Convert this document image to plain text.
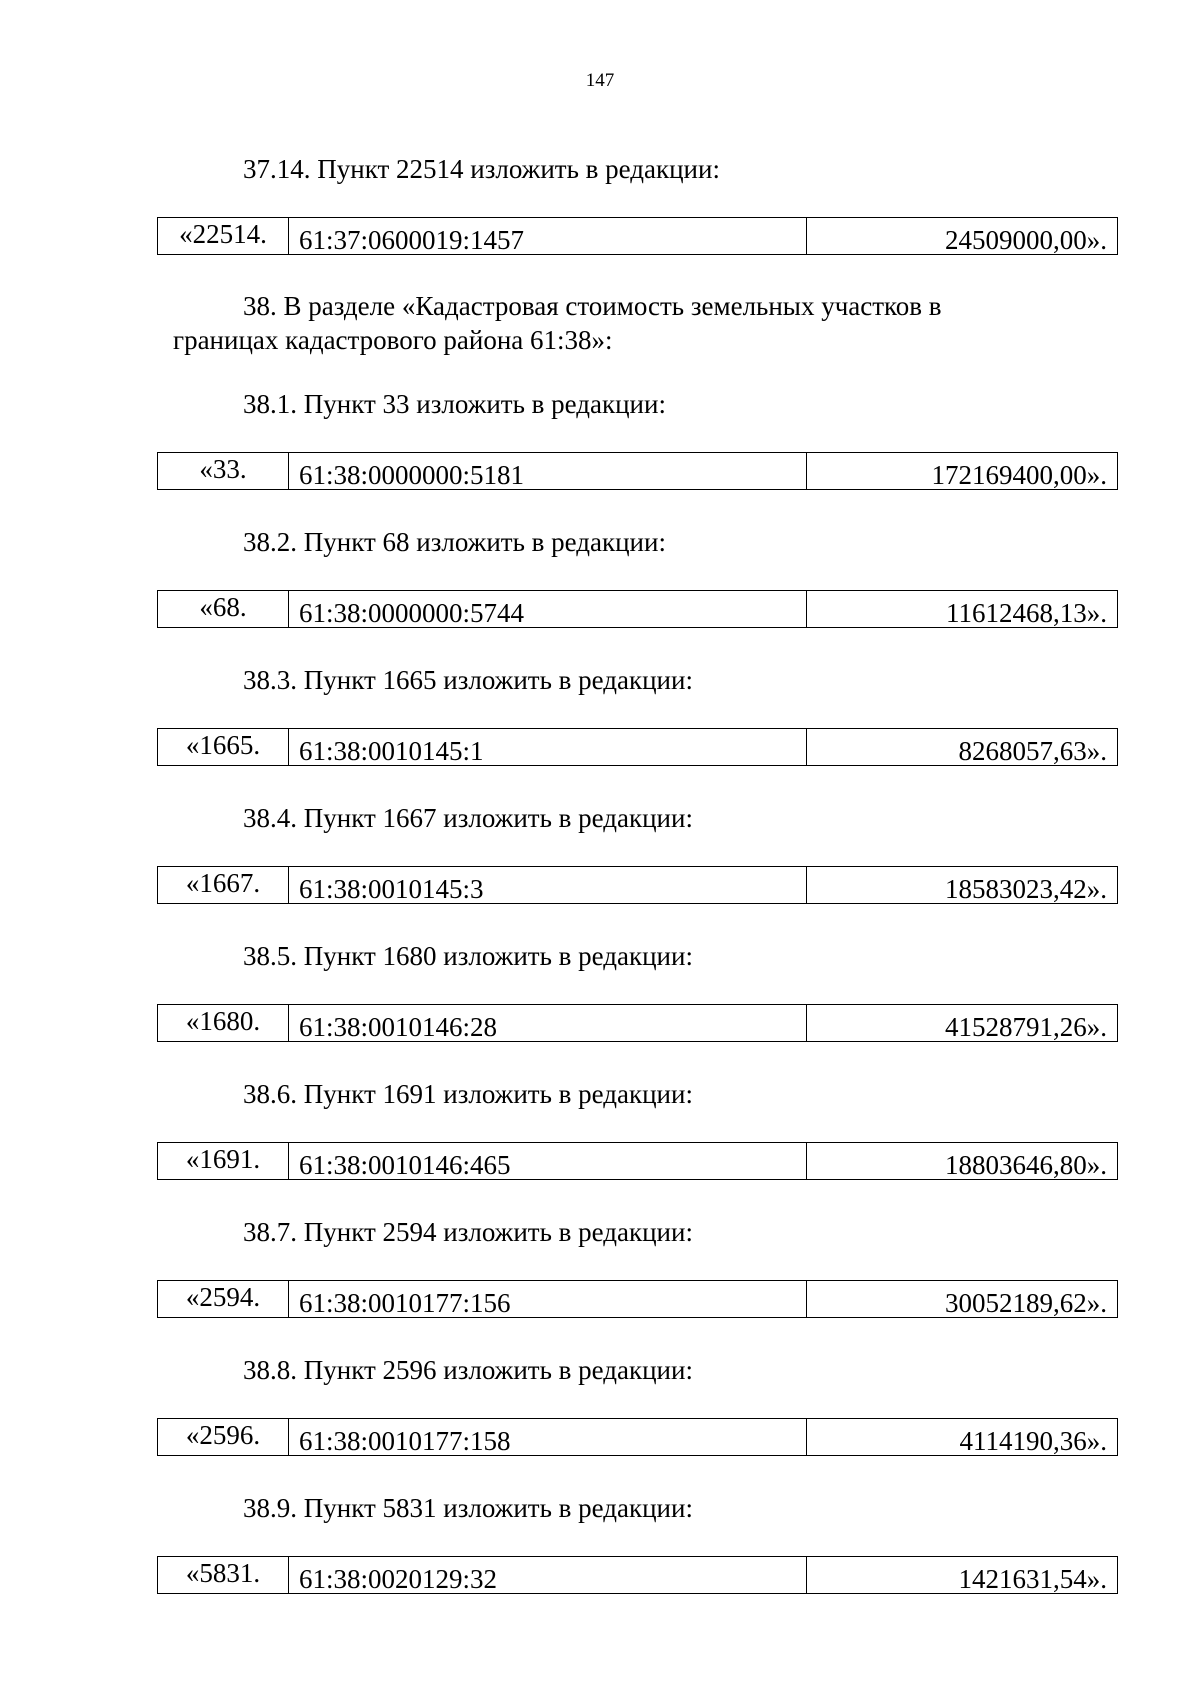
147
37.14. Пункт 22514 изложить в редакции:
«22514.	61:37:0600019:1457	24509000,00».
38. В разделе «Кадастровая стоимость земельных участков в
границах кадастрового района 61:38»:
38.1. Пункт 33 изложить в редакции:
«33.	61:38:0000000:5181	172169400,00».
38.2. Пункт 68 изложить в редакции:
«68.	61:38:0000000:5744	11612468,13».
38.3. Пункт 1665 изложить в редакции:
«1665.	61:38:0010145:1	8268057,63».
38.4. Пункт 1667 изложить в редакции:
«1667.	61:38:0010145:3	18583023,42».
38.5. Пункт 1680 изложить в редакции:
«1680.	61:38:0010146:28	41528791,26».
38.6. Пункт 1691 изложить в редакции:
«1691.	61:38:0010146:465	18803646,80».
38.7. Пункт 2594 изложить в редакции:
«2594.	61:38:0010177:156	30052189,62».
38.8. Пункт 2596 изложить в редакции:
«2596.	61:38:0010177:158	4114190,36».
38.9. Пункт 5831 изложить в редакции:
«5831.	61:38:0020129:32	1421631,54».
